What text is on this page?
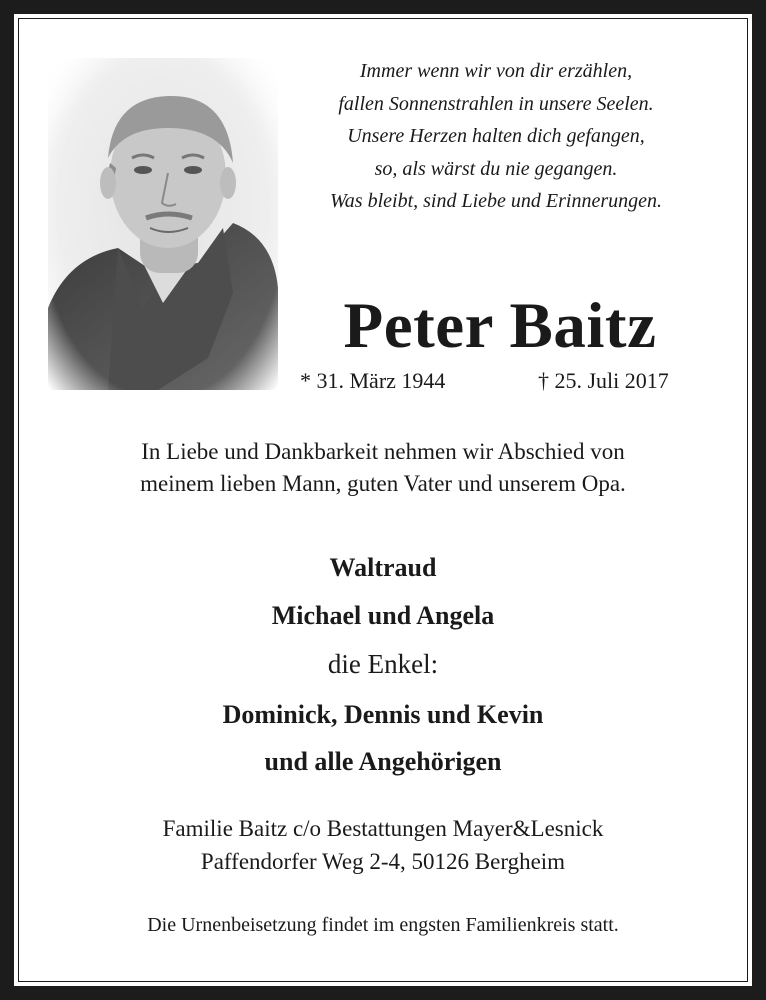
Immer wenn wir von dir erzählen,
fallen Sonnenstrahlen in unsere Seelen.
Unsere Herzen halten dich gefangen,
so, als wärst du nie gegangen.
Was bleibt, sind Liebe und Erinnerungen.
Peter Baitz
* 31. März 1944	† 25. Juli 2017
In Liebe und Dankbarkeit nehmen wir Abschied von
meinem lieben Mann, guten Vater und unserem Opa.
Waltraud
Michael und Angela
die Enkel:
Dominick, Dennis und Kevin
und alle Angehörigen
Familie Baitz c/o Bestattungen Mayer&Lesnick
Paffendorfer Weg 2-4, 50126 Bergheim
Die Urnenbeisetzung findet im engsten Familienkreis statt.
